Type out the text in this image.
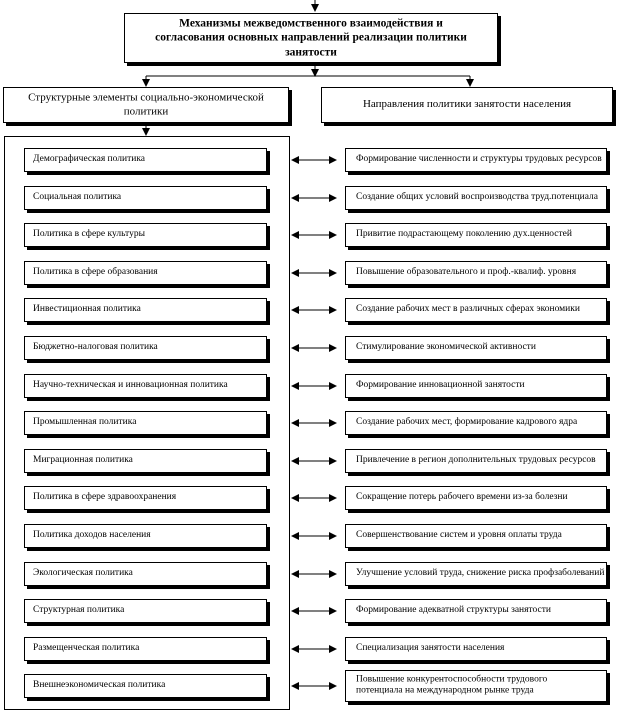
Механизмы межведомственного взаимодействия и согласования основных направлений реализации политики занятости
Структурные элементы социально-экономической политики
Направления политики занятости населения
Демографическая политика
Социальная политика
Политика в сфере культуры
Политика в сфере образования
Инвестиционная политика
Бюджетно-налоговая политика
Научно-техническая и инновационная политика
Промышленная политика
Миграционная политика
Политика в сфере здравоохранения
Политика доходов населения
Экологическая политика
Структурная политика
Размещенческая политика
Внешнеэкономическая политика
Формирование численности и структуры трудовых ресурсов
Создание общих условий воспроизводства труд.потенциала
Привитие подрастающему поколению дух.ценностей
Повышение образовательного и проф.-квалиф. уровня
Создание рабочих мест в различных сферах экономики
Стимулирование экономической активности
Формирование инновационной занятости
Создание рабочих мест, формирование кадрового ядра
Привлечение в регион дополнительных трудовых ресурсов
Сокращение потерь рабочего времени из-за болезни
Совершенствование систем и уровня оплаты труда
Улучшение условий труда, снижение риска профзаболеваний
Формирование адекватной структуры занятости
Специализация занятости населения
Повышение конкурентоспособности трудового потенциала на международном рынке труда
